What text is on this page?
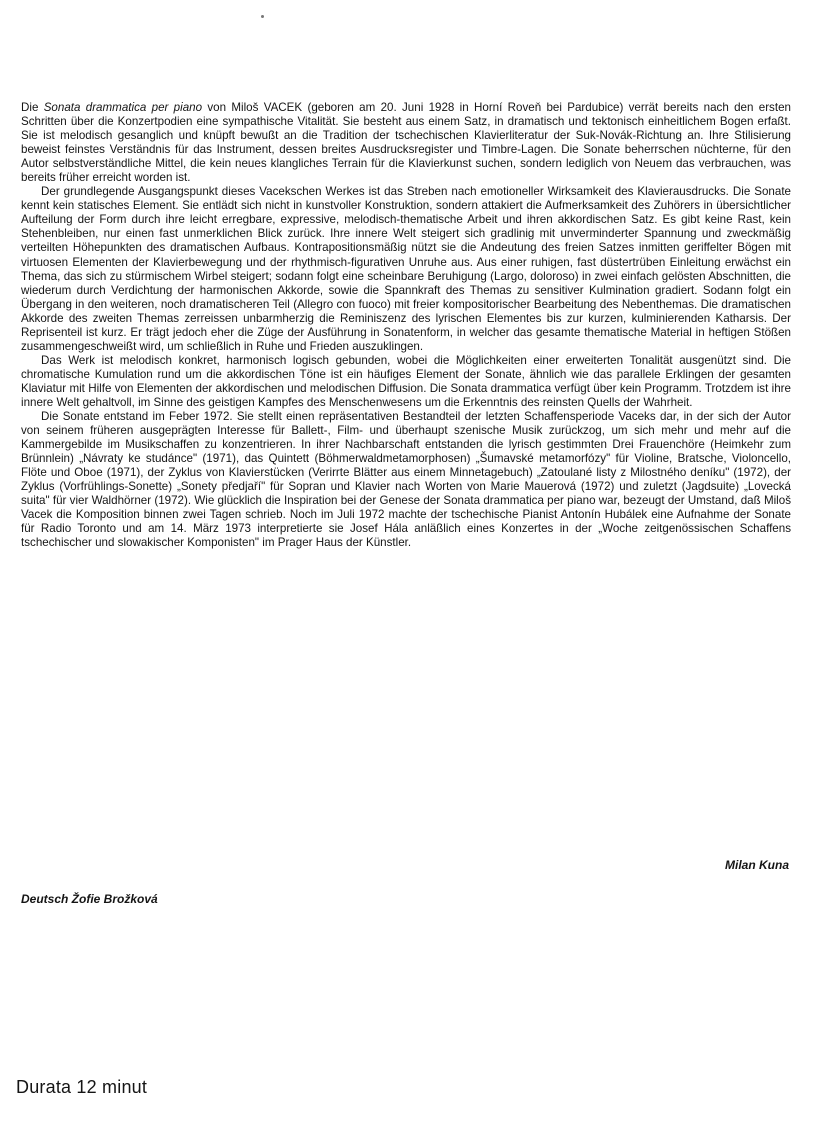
Die Sonata drammatica per piano von Miloš VACEK (geboren am 20. Juni 1928 in Horní Roveň bei Pardubice) verrät bereits nach den ersten Schritten über die Konzertpodien eine sympathische Vitalität. Sie besteht aus einem Satz, in dramatisch und tektonisch einheitlichem Bogen erfaßt. Sie ist melodisch gesanglich und knüpft bewußt an die Tradition der tschechischen Klavierliteratur der Suk-Novák-Richtung an. Ihre Stilisierung beweist feinstes Verständnis für das Instrument, dessen breites Ausdrucksregister und Timbre-Lagen. Die Sonate beherrschen nüchterne, für den Autor selbstverständliche Mittel, die kein neues klangliches Terrain für die Klavierkunst suchen, sondern lediglich von Neuem das verbrauchen, was bereits früher erreicht worden ist.

Der grundlegende Ausgangspunkt dieses Vacekschen Werkes ist das Streben nach emotioneller Wirksamkeit des Klavierausdrucks. Die Sonate kennt kein statisches Element. Sie entlädt sich nicht in kunstvoller Konstruktion, sondern attakiert die Aufmerksamkeit des Zuhörers in übersichtlicher Aufteilung der Form durch ihre leicht erregbare, expressive, melodisch-thematische Arbeit und ihren akkordischen Satz. Es gibt keine Rast, kein Stehenbleiben, nur einen fast unmerklichen Blick zurück. Ihre innere Welt steigert sich gradlinig mit unverminderter Spannung und zweckmäßig verteilten Höhepunkten des dramatischen Aufbaus. Kontrapositionsmäßig nützt sie die Andeutung des freien Satzes inmitten geriffelter Bögen mit virtuosen Elementen der Klavierbewegung und der rhythmisch-figurativen Unruhe aus. Aus einer ruhigen, fast düstertrüben Einleitung erwächst ein Thema, das sich zu stürmischem Wirbel steigert; sodann folgt eine scheinbare Beruhigung (Largo, doloroso) in zwei einfach gelösten Abschnitten, die wiederum durch Verdichtung der harmonischen Akkorde, sowie die Spannkraft des Themas zu sensitiver Kulmination gradiert. Sodann folgt ein Übergang in den weiteren, noch dramatischeren Teil (Allegro con fuoco) mit freier kompositorischer Bearbeitung des Nebenthemas. Die dramatischen Akkorde des zweiten Themas zerreissen unbarmherzig die Reminiszenz des lyrischen Elementes bis zur kurzen, kulminierenden Katharsis. Der Reprisenteil ist kurz. Er trägt jedoch eher die Züge der Ausführung in Sonatenform, in welcher das gesamte thematische Material in heftigen Stößen zusammengeschweißt wird, um schließlich in Ruhe und Frieden auszuklingen.

Das Werk ist melodisch konkret, harmonisch logisch gebunden, wobei die Möglichkeiten einer erweiterten Tonalität ausgenützt sind. Die chromatische Kumulation rund um die akkordischen Töne ist ein häufiges Element der Sonate, ähnlich wie das parallele Erklingen der gesamten Klaviatur mit Hilfe von Elementen der akkordischen und melodischen Diffusion. Die Sonata drammatica verfügt über kein Programm. Trotzdem ist ihre innere Welt gehaltvoll, im Sinne des geistigen Kampfes des Menschenwesens um die Erkenntnis des reinsten Quells der Wahrheit.

Die Sonate entstand im Feber 1972. Sie stellt einen repräsentativen Bestandteil der letzten Schaffensperiode Vaceks dar, in der sich der Autor von seinem früheren ausgeprägten Interesse für Ballett-, Film- und überhaupt szenische Musik zurückzog, um sich mehr und mehr auf die Kammergebilde im Musikschaffen zu konzentrieren. In ihrer Nachbarschaft entstanden die lyrisch gestimmten Drei Frauenchöre (Heimkehr zum Brünnlein) „Návraty ke studánce" (1971), das Quintett (Böhmerwaldmetamorphosen) „Šumavské metamorfózy" für Violine, Bratsche, Violoncello, Flöte und Oboe (1971), der Zyklus von Klavierstücken (Verirrte Blätter aus einem Minnetagebuch) „Zatoulané listy z Milostného deníku" (1972), der Zyklus (Vorfrühlings-Sonette) „Sonety předjaří" für Sopran und Klavier nach Worten von Marie Mauerová (1972) und zuletzt (Jagdsuite) „Lovecká suita" für vier Waldhörner (1972). Wie glücklich die Inspiration bei der Genese der Sonata drammatica per piano war, bezeugt der Umstand, daß Miloš Vacek die Komposition binnen zwei Tagen schrieb. Noch im Juli 1972 machte der tschechische Pianist Antonín Hubálek eine Aufnahme der Sonate für Radio Toronto und am 14. März 1973 interpretierte sie Josef Hála anläßlich eines Konzertes in der „Woche zeitgenössischen Schaffens tschechischer und slowakischer Komponisten" im Prager Haus der Künstler.

Milan Kuna
Deutsch Žofie Brožková
Durata 12 minut
